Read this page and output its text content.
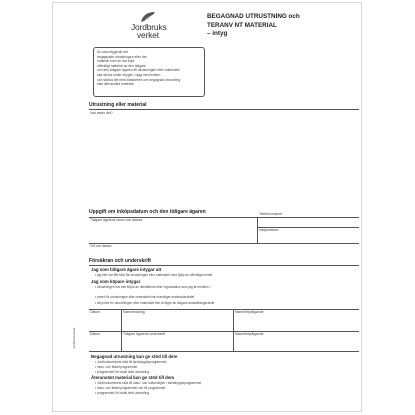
Jordbruks
verket
BEGAGNAD UTRUSTNING och
TERANV NT MATERIAL
– intyg
Du ska intyga att det
begagnade utrustningen eller det
material som du har köpt
offentligt material av den tidigare
och den tidigare ägaren till utrustningen eller materialet
ska skriva under intyget. Lägg med kvitton
och skicka det med blanketten om begagnad utrustning
eller återanvänt material.
Utrustning eller material
Vad avser det?
Uppgift om inköpsdatum och den tidigare ägaren	Telefonnummer
Tidigare ägarens namn och adress
Inköpsdatum
Ort och datum
Försäkran och underskrift
Jag som tidigare ägare intygar att
• jag inte har fått stöd för utrustningen eller materialet med hjälp av offentliga medel
Jag som köpare intygar
• utrustningen har inte köpts av närstående eller organisation som jag är medlem i
• priset för utrustningen eller materialet inte överstiger marknadsvärdet
• att priset för utrustningen eller materialet inte är lägre än tidigare anskaffningsvärde
Datum	Namnteckning	Namnförtydligande
Datum	Tidigare ägarens underskrift	Namnförtydligande
Jordbruksverket
Begagnad utrustning kan ge stöd till dem
• Jordbruksverkets stöd till landsbygdsprogrammet,
• havs- och fiskeriprogrammet
• programmet för lokalt ledd utveckling.
Återanvänt material kan ge stöd till dem
• Jordbruksverkets stöd till natur- och kulturmiljöer i landsbygdsprogrammet,
• havs- och fiskeriprogrammet och till programmet
• programmet för lokalt ledd utveckling.
